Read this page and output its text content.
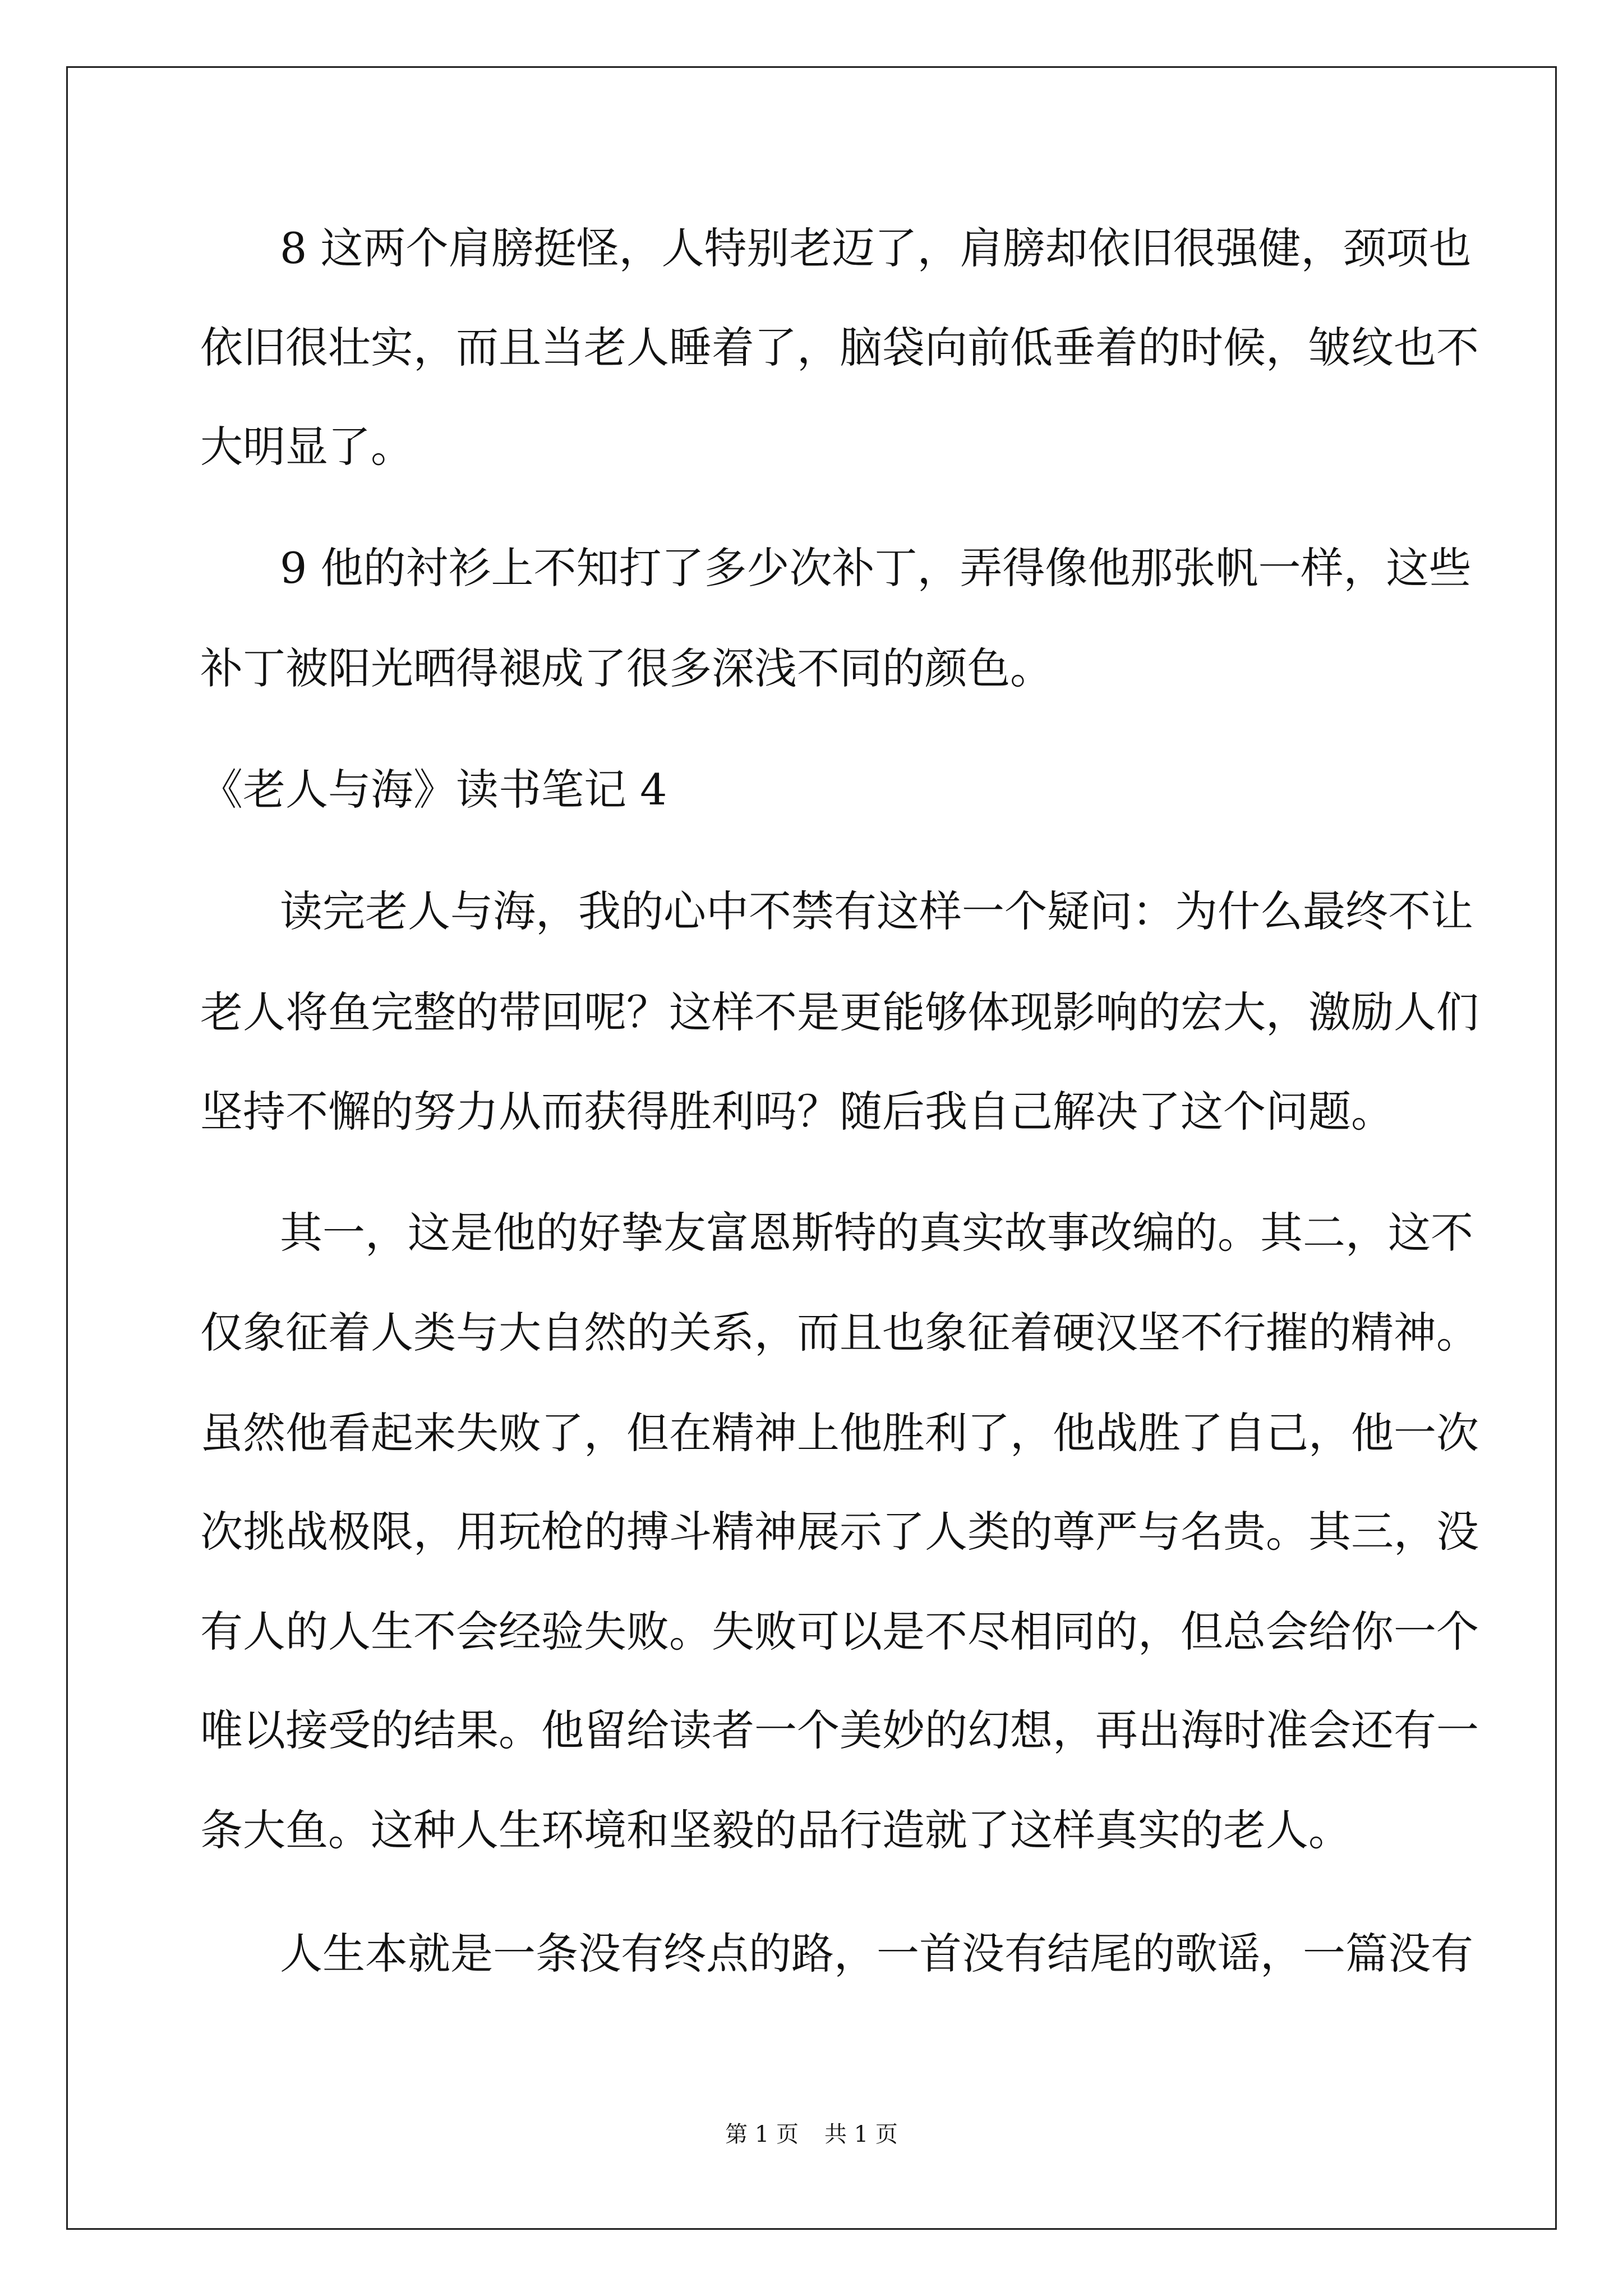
8 这两个肩膀挺怪，人特别老迈了，肩膀却依旧很强健，颈项也

依旧很壮实，而且当老人睡着了，脑袋向前低垂着的时候，皱纹也不

大明显了。

9 他的衬衫上不知打了多少次补丁，弄得像他那张帆一样，这些

补丁被阳光晒得褪成了很多深浅不同的颜色。

《老人与海》读书笔记 4

读完老人与海，我的心中不禁有这样一个疑问：为什么最终不让

老人将鱼完整的带回呢？这样不是更能够体现影响的宏大，激励人们

坚持不懈的努力从而获得胜利吗？随后我自己解决了这个问题。

其一，这是他的好挚友富恩斯特的真实故事改编的。其二，这不

仅象征着人类与大自然的关系，而且也象征着硬汉坚不行摧的精神。

虽然他看起来失败了，但在精神上他胜利了，他战胜了自己，他一次

次挑战极限，用玩枪的搏斗精神展示了人类的尊严与名贵。其三，没

有人的人生不会经验失败。失败可以是不尽相同的，但总会给你一个

唯以接受的结果。他留给读者一个美妙的幻想，再出海时准会还有一

条大鱼。这种人生环境和坚毅的品行造就了这样真实的老人。

人生本就是一条没有终点的路，一首没有结尾的歌谣，一篇没有

第 1 页 共 1 页
